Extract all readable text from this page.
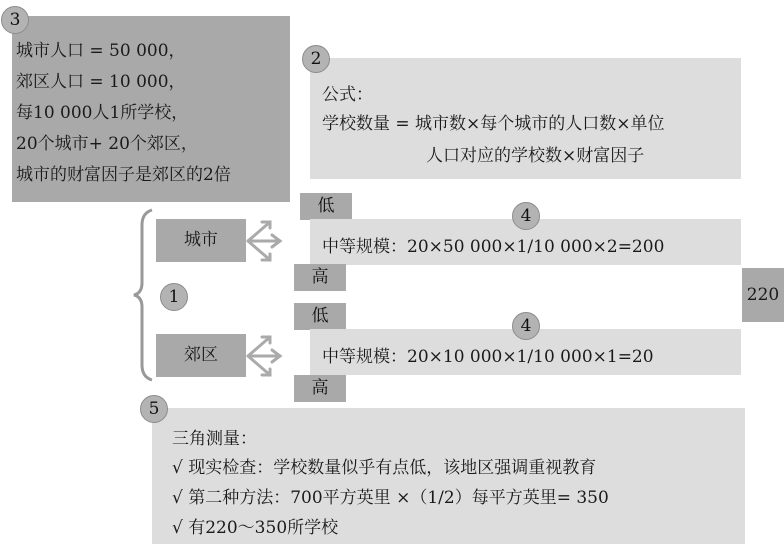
3
城市人口 = 50 000，
郊区人口 = 10 000，
每10 000人1所学校，
20个城市+ 20个郊区，
城市的财富因子是郊区的2倍
2
公式：
学校数量 = 城市数×每个城市的人口数×单位
人口对应的学校数×财富因子
1
城市
郊区
低	4
中等规模：20×50 000×1/10 000×2=200
高
220
低	4
中等规模：20×10 000×1/10 000×1=20
高
5
三角测量：
√ 现实检查：学校数量似乎有点低，该地区强调重视教育
√ 第二种方法：700平方英里 ×（1/2）每平方英里= 350
√ 有220～350所学校
